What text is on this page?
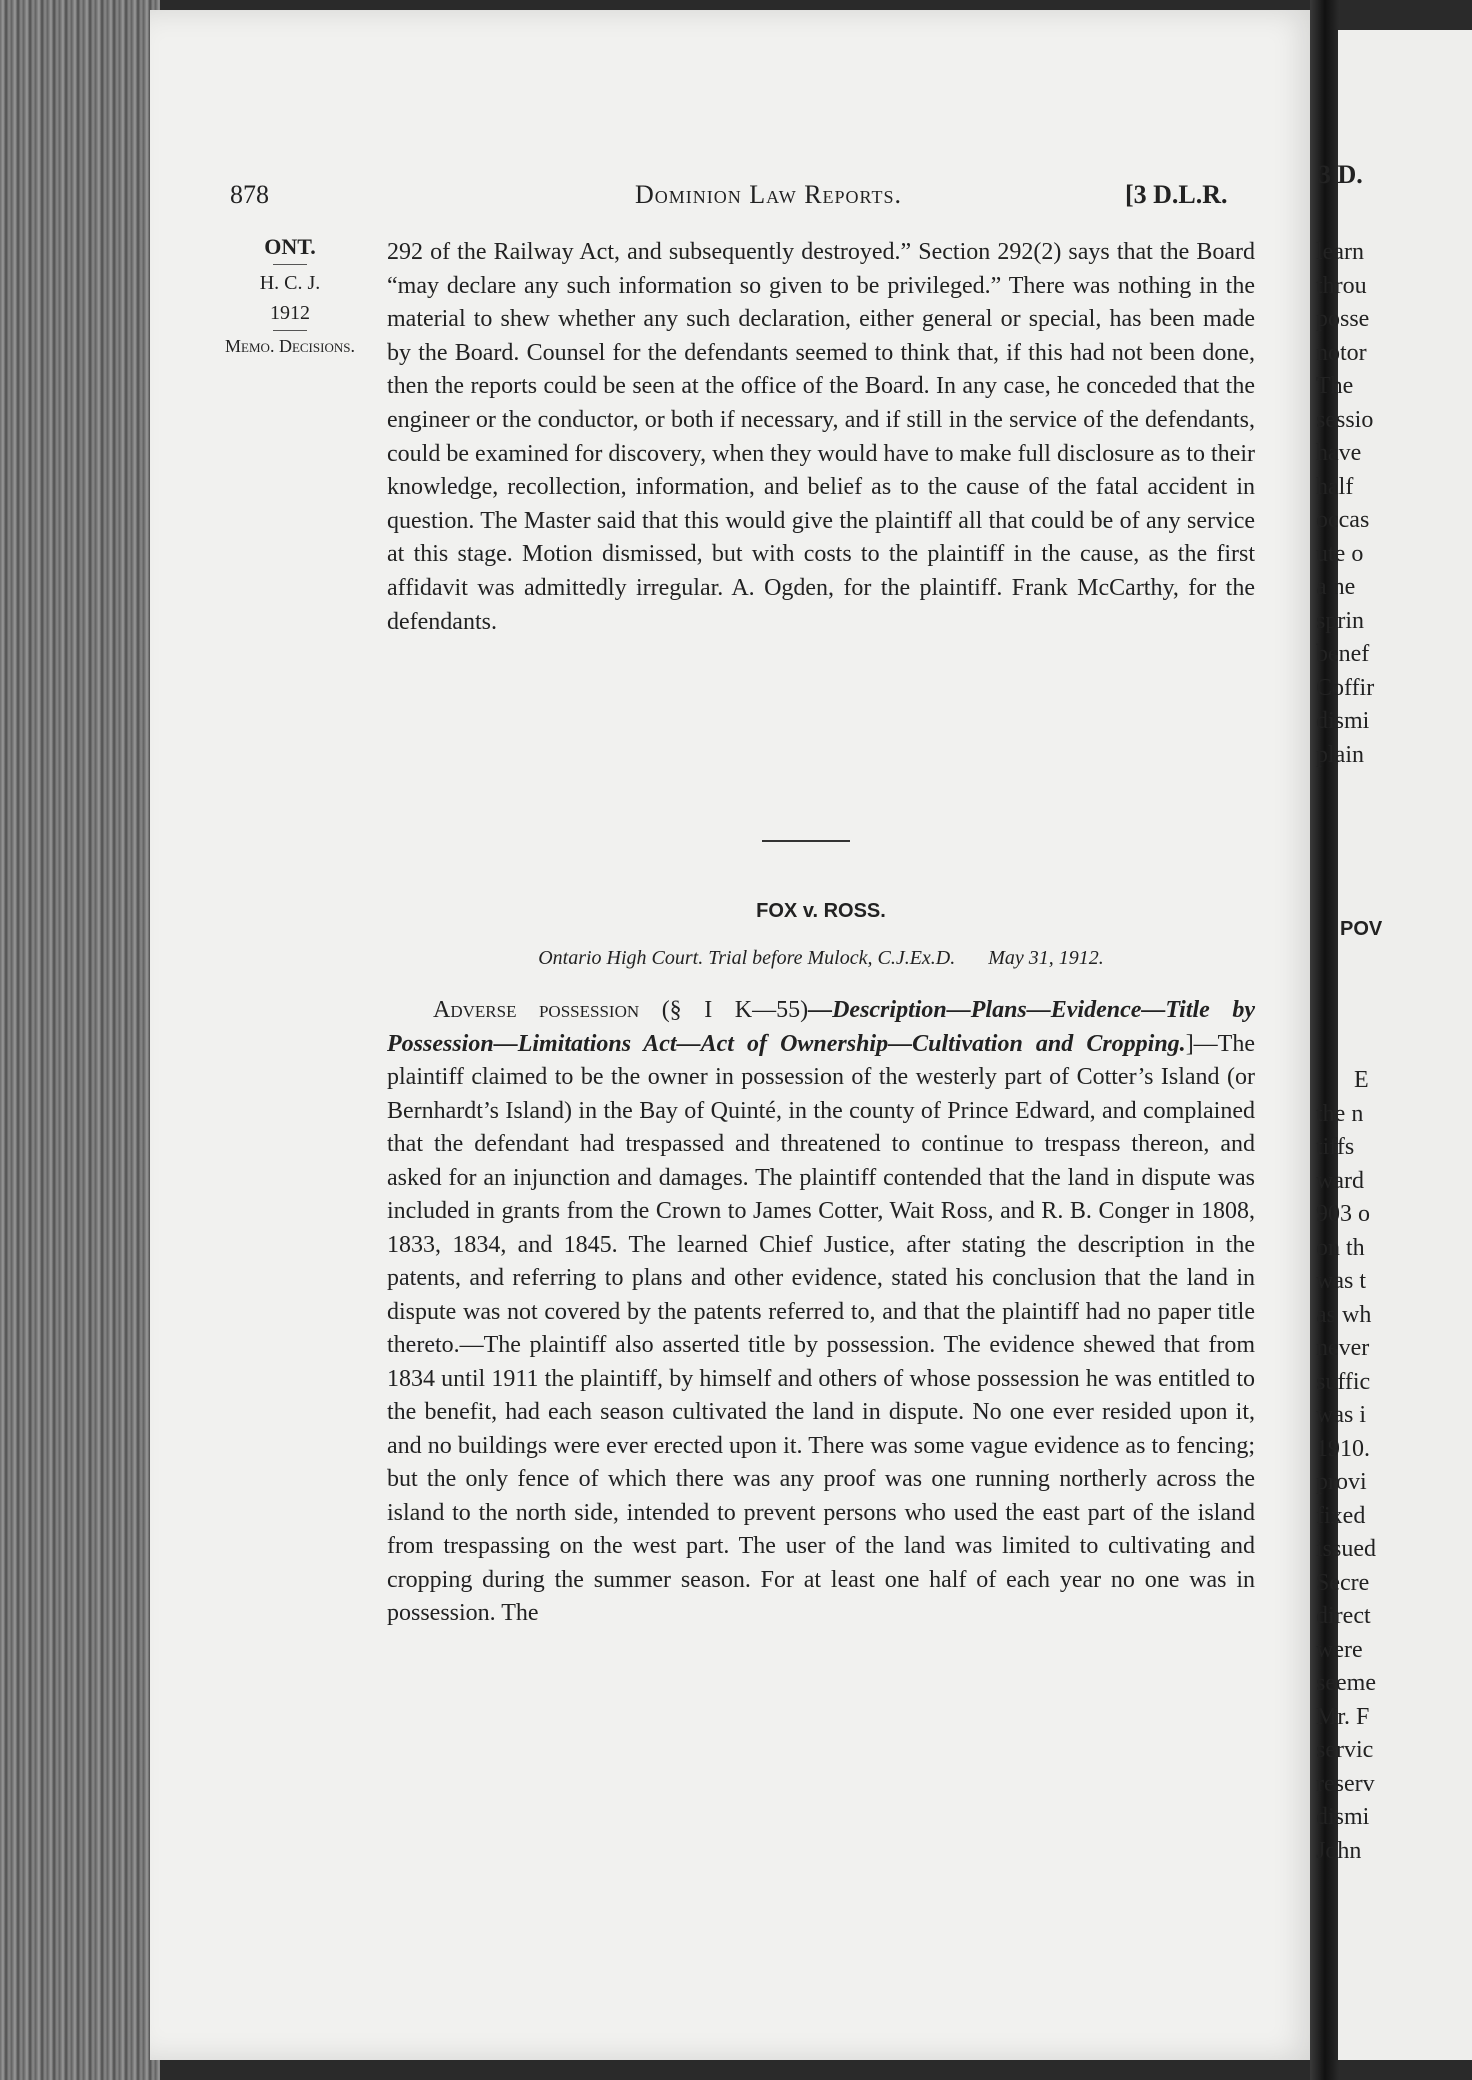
878	Dominion Law Reports.	[3 D.L.R.
ONT.
H. C. J.
1912
Memo. Decisions.

292 of the Railway Act, and subsequently destroyed.” Section 292(2) says that the Board “may declare any such information so given to be privileged.” There was nothing in the material to shew whether any such declaration, either general or special, has been made by the Board. Counsel for the defendants seemed to think that, if this had not been done, then the reports could be seen at the office of the Board. In any case, he conceded that the engineer or the conductor, or both if necessary, and if still in the service of the defendants, could be examined for discovery, when they would have to make full disclosure as to their knowledge, recollection, information, and belief as to the cause of the fatal accident in question. The Master said that this would give the plaintiff all that could be of any service at this stage. Motion dismissed, but with costs to the plaintiff in the cause, as the first affidavit was admittedly irregular. A. Ogden, for the plaintiff. Frank McCarthy, for the defendants.

FOX v. ROSS.
Ontario High Court. Trial before Mulock, C.J.Ex.D. May 31, 1912.

Adverse possession (§ I K—55)—Description—Plans—Evidence—Title by Possession—Limitations Act—Act of Ownership—Cultivation and Cropping.]—The plaintiff claimed to be the owner in possession of the westerly part of Cotter’s Island (or Bernhardt’s Island) in the Bay of Quinté, in the county of Prince Edward, and complained that the defendant had trespassed and threatened to continue to trespass thereon, and asked for an injunction and damages. The plaintiff contended that the land in dispute was included in grants from the Crown to James Cotter, Wait Ross, and R. B. Conger in 1808, 1833, 1834, and 1845. The learned Chief Justice, after stating the description in the patents, and referring to plans and other evidence, stated his conclusion that the land in dispute was not covered by the patents referred to, and that the plaintiff had no paper title thereto.—The plaintiff also asserted title by possession. The evidence shewed that from 1834 until 1911 the plaintiff, by himself and others of whose possession he was entitled to the benefit, had each season cultivated the land in dispute. No one ever resided upon it, and no buildings were ever erected upon it. There was some vague evidence as to fencing; but the only fence of which there was any proof was one running northerly across the island to the north side, intended to prevent persons who used the east part of the island from trespassing on the west part. The user of the land was limited to cultivating and cropping during the summer season. For at least one half of each year no one was in possession. The

3 D.
learn
throu
posse
notor
The
sessio
have
half
occas
ute o
a ne
sprin
benef
Coffir
dismi
plain
POV
E
the n
tiffs
ward
903 o
on th
was t
as wh
never
suffic
was i
1910.
provi
fixed
issued
Secre
direct
were
seeme
Mr. F
servic
reserv
dismi
John
